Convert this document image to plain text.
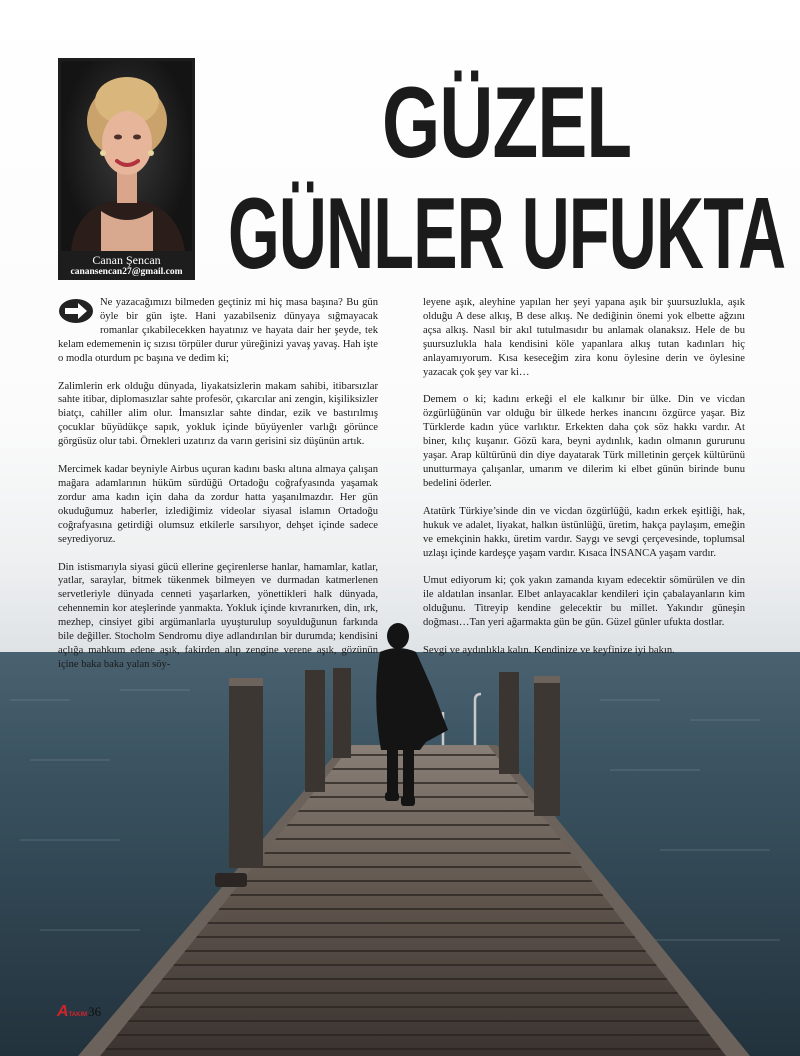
Canan Şencan
canansencan27@gmail.com
GÜZEL
GÜNLER UFUKTA

Ne yazacağımızı bilmeden geçtiniz mi hiç masa başına? Bu gün öyle bir gün işte. Hani yazabilseniz dünyaya sığmayacak romanlar çıkabilecekken hayatınız ve hayata dair her şeyde, tek kelam edememenin iç sızısı törpüler durur yüreğinizi yavaş yavaş. Hah işte o modla oturdum pc başına ve dedim ki;

Zalimlerin erk olduğu dünyada, liyakatsizlerin makam sahibi, itibarsızlar sahte itibar, diplomasızlar sahte profesör, çıkarcılar ani zengin, kişiliksizler biatçı, cahiller alim olur. İmansızlar sahte dindar, ezik ve bastırılmış çocuklar büyüdükçe sapık, yokluk içinde büyüyenler varlığı görünce görgüsüz olur tabi. Örnekleri uzatırız da varın gerisini siz düşünün artık.

Mercimek kadar beyniyle Airbus uçuran kadını baskı altına almaya çalışan mağara adamlarının hüküm sürdüğü Ortadoğu coğrafyasında yaşamak zordur ama kadın için daha da zordur hatta yaşanılmazdır. Her gün okuduğumuz haberler, izlediğimiz videolar siyasal islamın Ortadoğu coğrafyasına getirdiği olumsuz etkilerle sarsılıyor, dehşet içinde sadece seyrediyoruz.

Din istismarıyla siyasi gücü ellerine geçirenlerse hanlar, hamamlar, katlar, yatlar, saraylar, bitmek tükenmek bilmeyen ve durmadan katmerlenen servetleriyle dünyada cenneti yaşarlarken, yönettikleri halk dünyada, cehennemin kor ateşlerinde yanmakta. Yokluk içinde kıvranırken, din, ırk, mezhep, cinsiyet gibi argümanlarla uyuşturulup soyulduğunun farkında bile değiller. Stocholm Sendromu diye adlandırılan bir durumda; kendisini açlığa mahkum edene aşık, fakirden alıp zengine verene aşık, gözünün içine baka baka yalan söy-

leyene aşık, aleyhine yapılan her şeyi yapana aşık bir şuursuzlukla, aşık olduğu A dese alkış, B dese alkış. Ne dediğinin önemi yok elbette ağzını açsa alkış. Nasıl bir akıl tutulmasıdır bu anlamak olanaksız. Hele de bu şuursuzlukla hala kendisini köle yapanlara alkış tutan kadınları hiç anlayamıyorum. Kısa keseceğim zira konu öylesine derin ve öylesine yazacak çok şey var ki…

Demem o ki; kadını erkeği el ele kalkınır bir ülke. Din ve vicdan özgürlüğünün var olduğu bir ülkede herkes inancını özgürce yaşar. Biz Türklerde kadın yüce varlıktır. Erkekten daha çok söz hakkı vardır. At biner, kılıç kuşanır. Gözü kara, beyni aydınlık, kadın olmanın gururunu yaşar. Arap kültürünü din diye dayatarak Türk milletinin gerçek kültürünü unutturmaya çalışanlar, umarım ve dilerim ki elbet günün birinde bunu bedelini öderler.

Atatürk Türkiye’sinde din ve vicdan özgürlüğü, kadın erkek eşitliği, hak, hukuk ve adalet, liyakat, halkın üstünlüğü, üretim, hakça paylaşım, emeğin ve emekçinin hakkı, üretim vardır. Saygı ve sevgi çerçevesinde, toplumsal uzlaşı içinde kardeşçe yaşam vardır. Kısaca İNSANCA yaşam vardır.

Umut ediyorum ki; çok yakın zamanda kıyam edecektir sömürülen ve din ile aldatılan insanlar. Elbet anlayacaklar kendileri için çabalayanların kim olduğunu. Titreyip kendine gelecektir bu millet. Yakındır güneşin doğması…Tan yeri ağarmakta gün be gün. Güzel günler ufukta dostlar.

Sevgi ve aydınlıkla kalın. Kendinize ve keyfinize iyi bakın.

A TAKIM 36
